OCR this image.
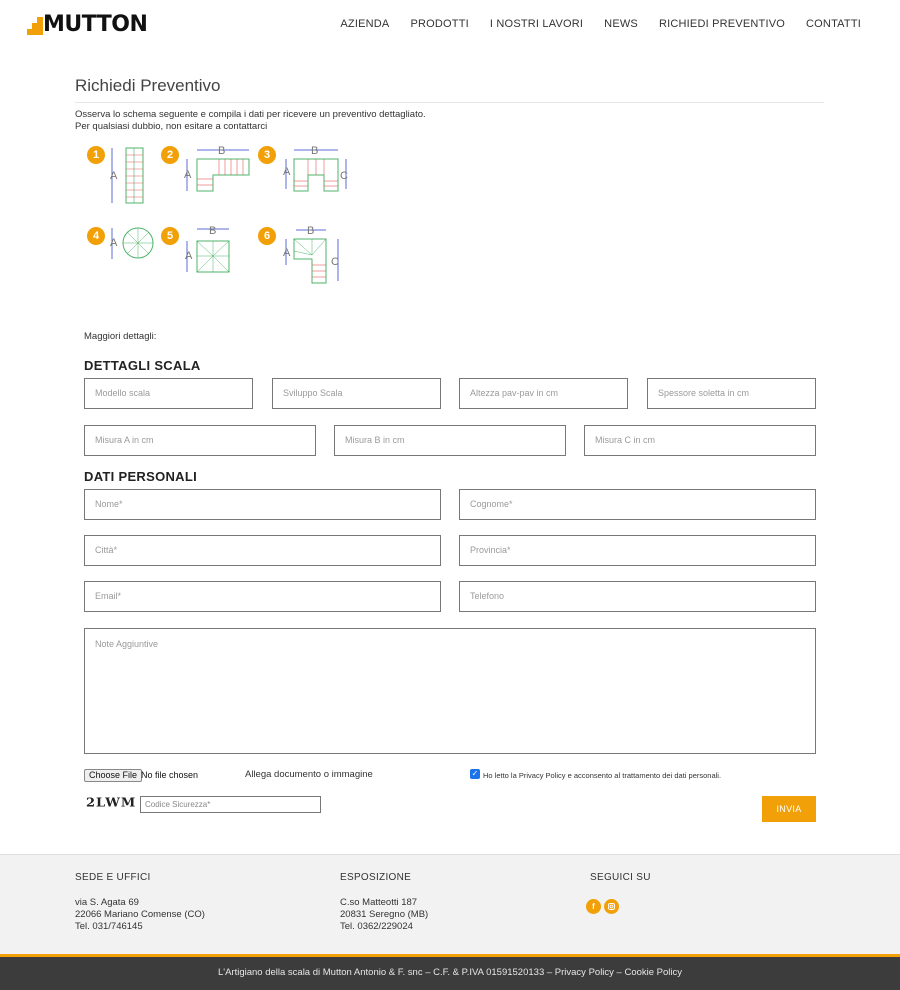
MUTTON	AZIENDA PRODOTTI I NOSTRI LAVORI NEWS RICHIEDI PREVENTIVO CONTATTI
Richiedi Preventivo
Osserva lo schema seguente e compila i dati per ricevere un preventivo dettagliato.
Per qualsiasi dubbio, non esitare a contattarci
1
A
2	B
A
3	B
A	C
4
A
5	B
A
6	B
A
C
Maggiori dettagli:
DETTAGLI SCALA
Modello scala	Sviluppo Scala	Altezza pav-pav in cm	Spessore soletta in cm
Misura A in cm	Misura B in cm	Misura C in cm
DATI PERSONALI
Nome*	Cognome*
Città*	Provincia*
Email*	Telefono
Note Aggiuntive
Choose File No file chosen	Allega documento o immagine	✓ Ho letto la Privacy Policy e acconsento al trattamento dei dati personali.
2LWM Codice Sicurezza*	INVIA
SEDE E UFFICI
via S. Agata 69
22066 Mariano Comense (CO)
Tel. 031/746145
ESPOSIZIONE
C.so Matteotti 187
20831 Seregno (MB)
Tel. 0362/229024
SEGUICI SU
f
L'Artigiano della scala di Mutton Antonio & F. snc – C.F. & P.IVA 01591520133 – Privacy Policy – Cookie Policy
